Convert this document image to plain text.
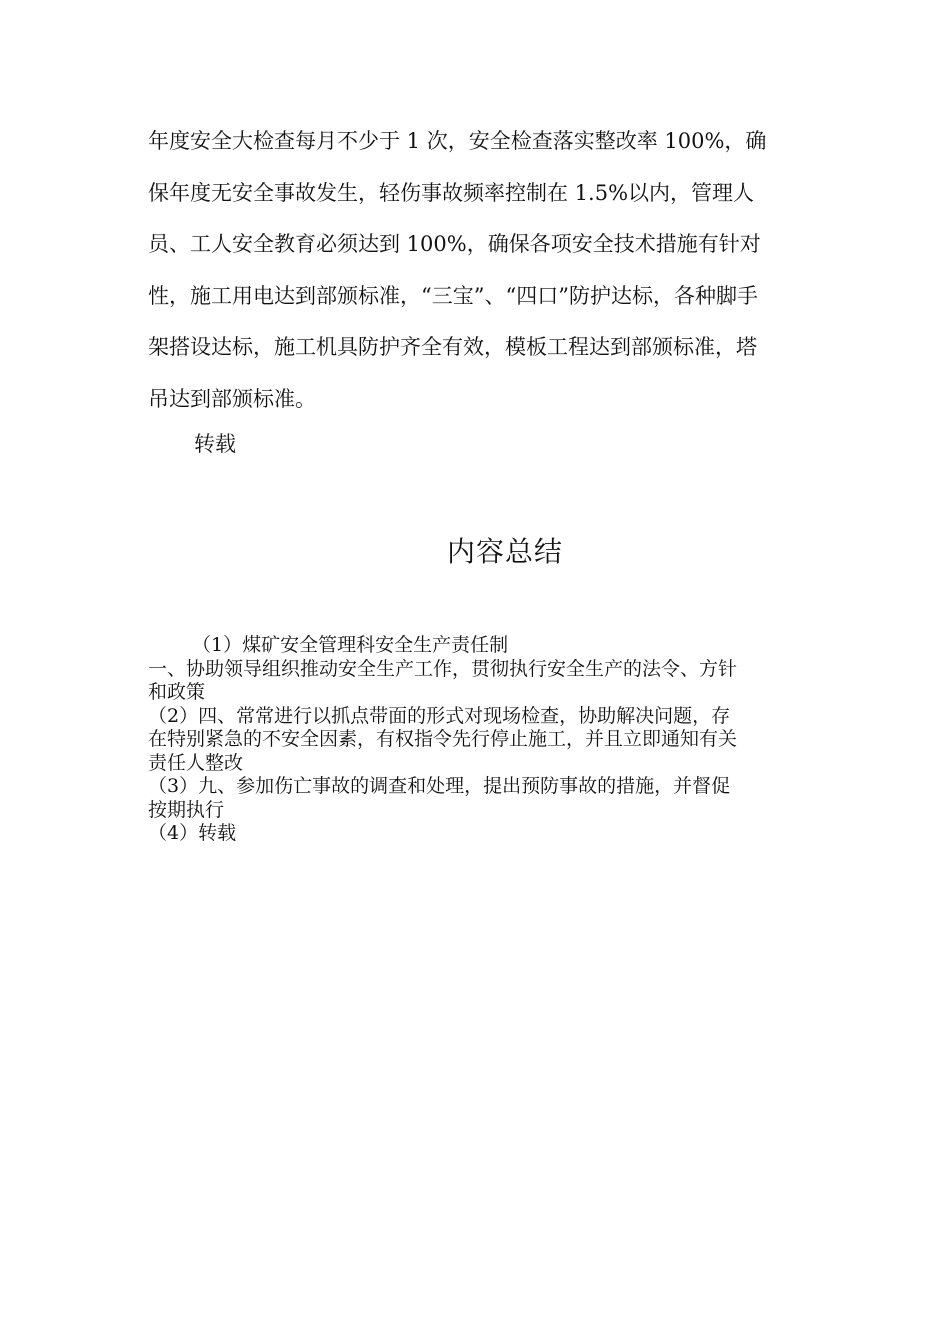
年度安全大检查每月不少于 1 次，安全检查落实整改率 100%，确
保年度无安全事故发生，轻伤事故频率控制在 1.5%以内，管理人
员、工人安全教育必须达到 100%，确保各项安全技术措施有针对
性，施工用电达到部颁标准，“三宝”、“四口”防护达标，各种脚手
架搭设达标，施工机具防护齐全有效，模板工程达到部颁标准，塔
吊达到部颁标准。
转载
内容总结
（1）煤矿安全管理科安全生产责任制
一、协助领导组织推动安全生产工作，贯彻执行安全生产的法令、方针
和政策
（2）四、常常进行以抓点带面的形式对现场检查，协助解决问题，存
在特别紧急的不安全因素，有权指令先行停止施工，并且立即通知有关
责任人整改
（3）九、参加伤亡事故的调查和处理，提出预防事故的措施，并督促
按期执行
（4）转载
